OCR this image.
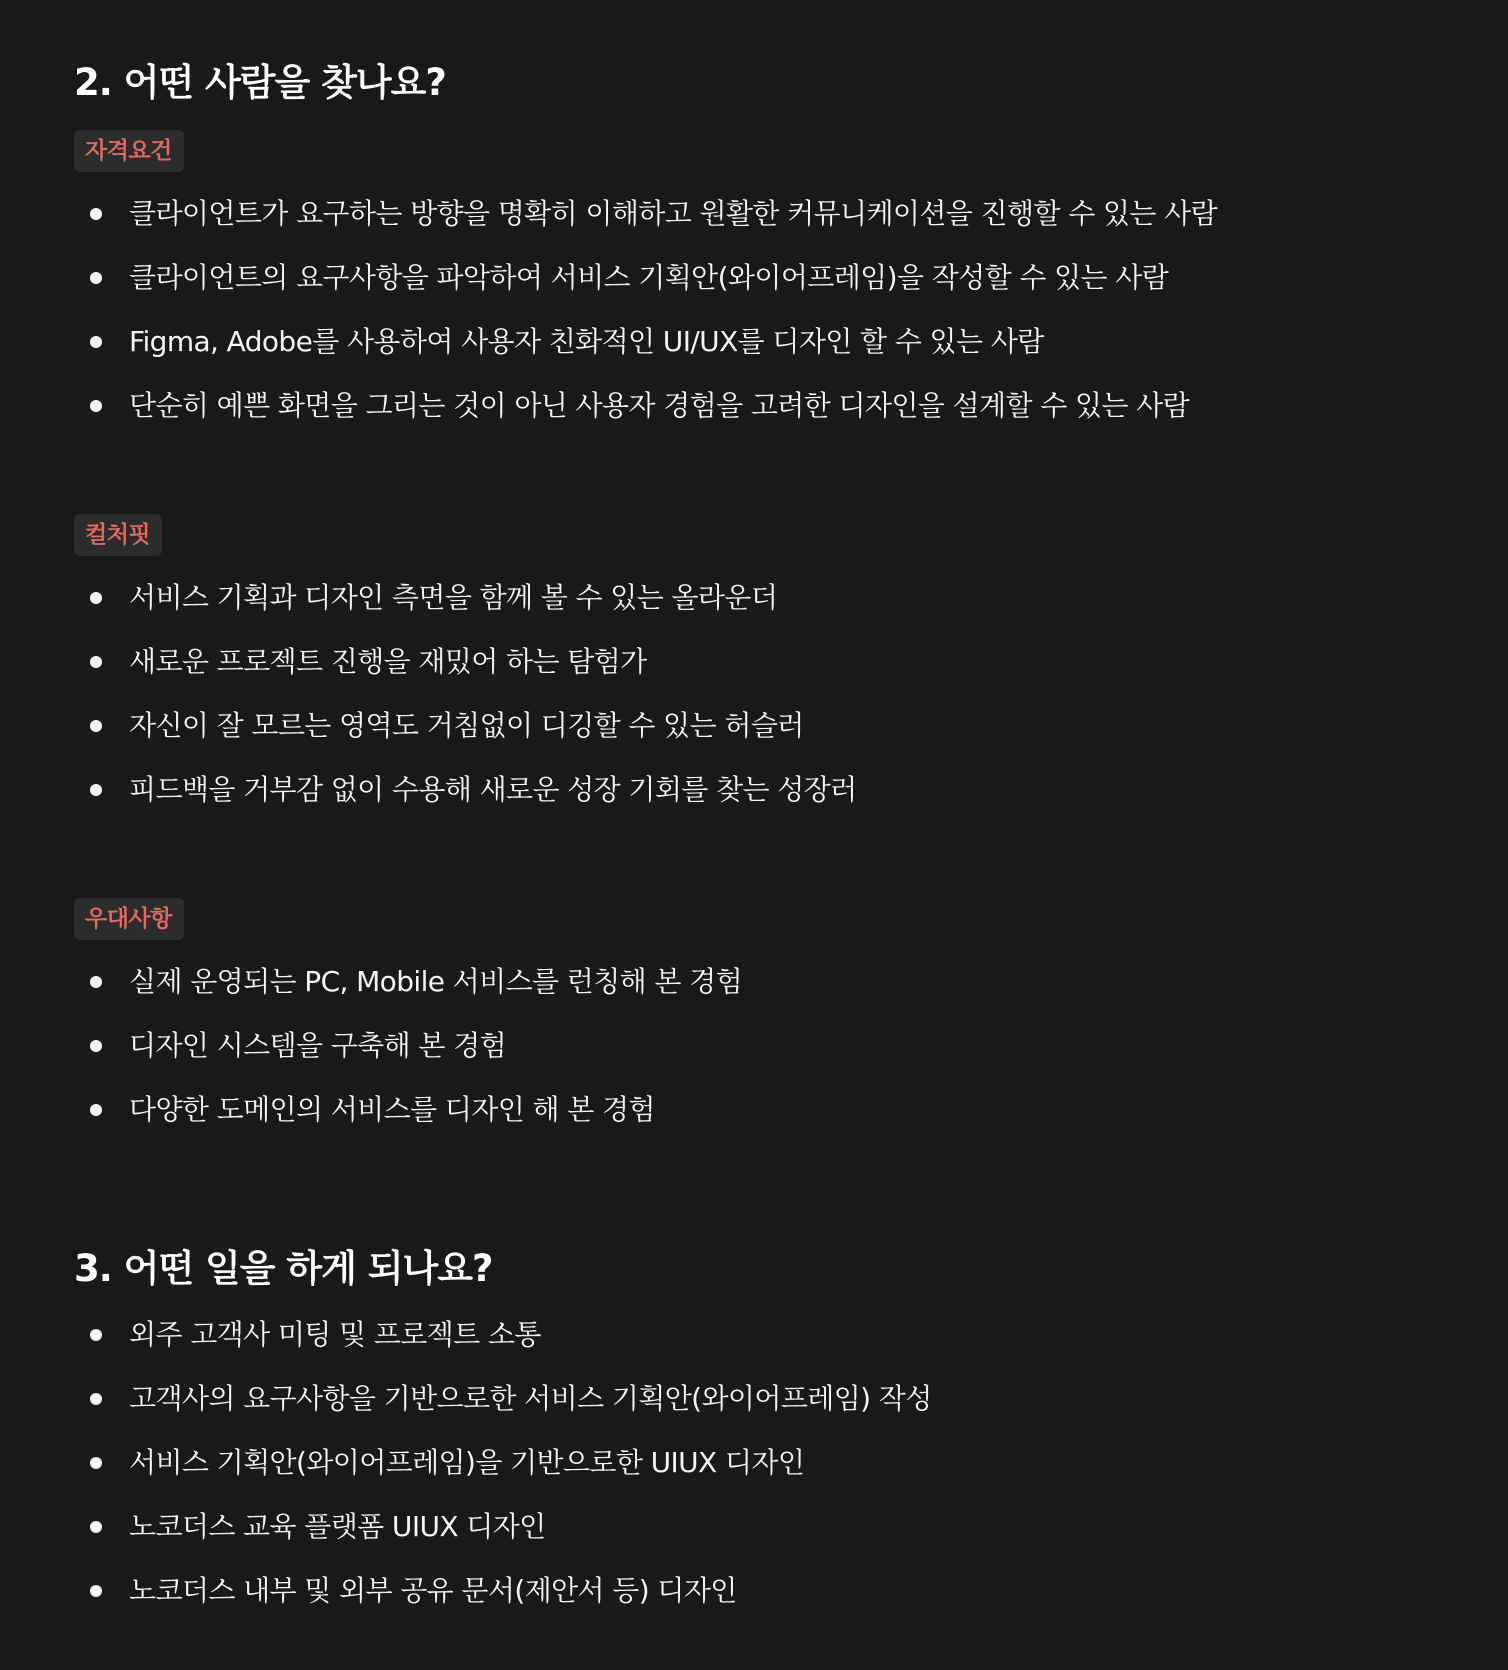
2. 어떤 사람을 찾나요?
자격요건
클라이언트가 요구하는 방향을 명확히 이해하고 원활한 커뮤니케이션을 진행할 수 있는 사람
클라이언트의 요구사항을 파악하여 서비스 기획안(와이어프레임)을 작성할 수 있는 사람
Figma, Adobe를 사용하여 사용자 친화적인 UI/UX를 디자인 할 수 있는 사람
단순히 예쁜 화면을 그리는 것이 아닌 사용자 경험을 고려한 디자인을 설계할 수 있는 사람
컬처핏
서비스 기획과 디자인 측면을 함께 볼 수 있는 올라운더
새로운 프로젝트 진행을 재밌어 하는 탐험가
자신이 잘 모르는 영역도 거침없이 디깅할 수 있는 허슬러
피드백을 거부감 없이 수용해 새로운 성장 기회를 찾는 성장러
우대사항
실제 운영되는 PC, Mobile 서비스를 런칭해 본 경험
디자인 시스템을 구축해 본 경험
다양한 도메인의 서비스를 디자인 해 본 경험
3. 어떤 일을 하게 되나요?
외주 고객사 미팅 및 프로젝트 소통
고객사의 요구사항을 기반으로한 서비스 기획안(와이어프레임) 작성
서비스 기획안(와이어프레임)을 기반으로한 UIUX 디자인
노코더스 교육 플랫폼 UIUX 디자인
노코더스 내부 및 외부 공유 문서(제안서 등) 디자인
